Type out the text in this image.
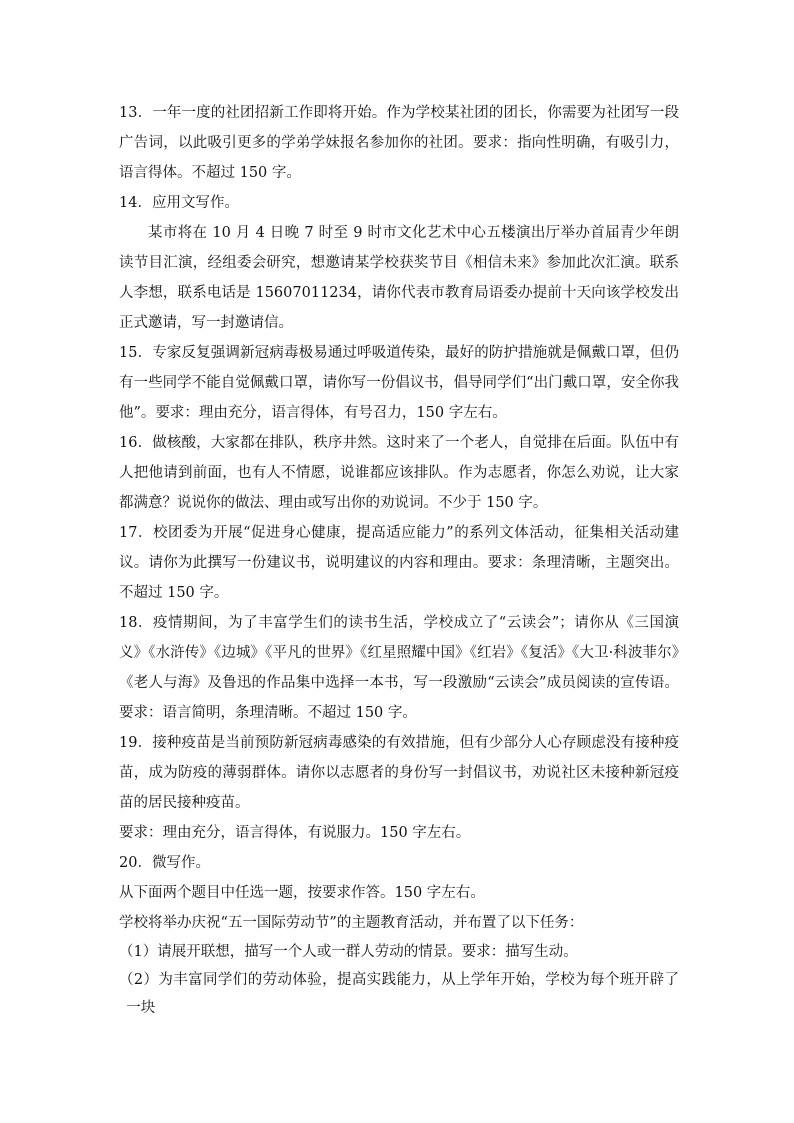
13．一年一度的社团招新工作即将开始。作为学校某社团的团长，你需要为社团写一段广告词，以此吸引更多的学弟学妹报名参加你的社团。要求：指向性明确，有吸引力，语言得体。不超过 150 字。

14．应用文写作。

某市将在 10 月 4 日晚 7 时至 9 时市文化艺术中心五楼演出厅举办首届青少年朗读节目汇演，经组委会研究，想邀请某学校获奖节目《相信未来》参加此次汇演。联系人李想，联系电话是 15607011234，请你代表市教育局语委办提前十天向该学校发出正式邀请，写一封邀请信。

15．专家反复强调新冠病毒极易通过呼吸道传染，最好的防护措施就是佩戴口罩，但仍有一些同学不能自觉佩戴口罩，请你写一份倡议书，倡导同学们“出门戴口罩，安全你我他”。要求：理由充分，语言得体，有号召力，150 字左右。

16．做核酸，大家都在排队，秩序井然。这时来了一个老人，自觉排在后面。队伍中有人把他请到前面，也有人不情愿，说谁都应该排队。作为志愿者，你怎么劝说，让大家都满意？说说你的做法、理由或写出你的劝说词。不少于 150 字。

17．校团委为开展“促进身心健康，提高适应能力”的系列文体活动，征集相关活动建议。请你为此撰写一份建议书，说明建议的内容和理由。要求：条理清晰，主题突出。不超过 150 字。

18．疫情期间，为了丰富学生们的读书生活，学校成立了“云读会”；请你从《三国演义》《水浒传》《边城》《平凡的世界》《红星照耀中国》《红岩》《复活》《大卫·科波菲尔》《老人与海》及鲁迅的作品集中选择一本书，写一段激励“云读会”成员阅读的宣传语。要求：语言简明，条理清晰。不超过 150 字。

19．接种疫苗是当前预防新冠病毒感染的有效措施，但有少部分人心存顾虑没有接种疫苗，成为防疫的薄弱群体。请你以志愿者的身份写一封倡议书，劝说社区未接种新冠疫苗的居民接种疫苗。

要求：理由充分，语言得体，有说服力。150 字左右。

20．微写作。

从下面两个题目中任选一题，按要求作答。150 字左右。

学校将举办庆祝“五一国际劳动节”的主题教育活动，并布置了以下任务：

（1）请展开联想，描写一个人或一群人劳动的情景。要求：描写生动。

（2）为丰富同学们的劳动体验，提高实践能力，从上学年开始，学校为每个班开辟了一块
